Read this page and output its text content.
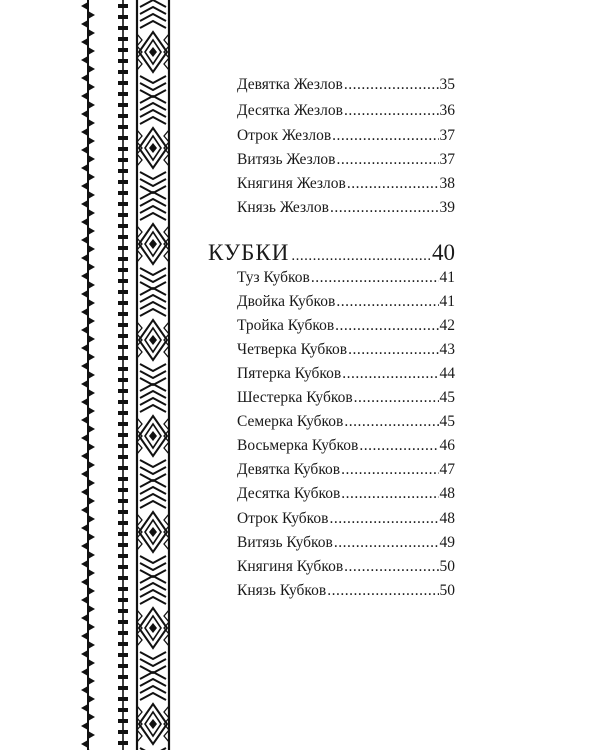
Девятка Жезлов .....	35
Десятка Жезлов .....	36
Отрок Жезлов .....	37
Витязь Жезлов .....	37
Княгиня Жезлов .....	38
Князь Жезлов .....	39
КУБКИ .....	40
Туз Кубков .....	41
Двойка Кубков .....	41
Тройка Кубков .....	42
Четверка Кубков .....	43
Пятерка Кубков .....	44
Шестерка Кубков .....	45
Семерка Кубков .....	45
Восьмерка Кубков .....	46
Девятка Кубков .....	47
Десятка Кубков .....	48
Отрок Кубков .....	48
Витязь Кубков .....	49
Княгиня Кубков .....	50
Князь Кубков .....	50
